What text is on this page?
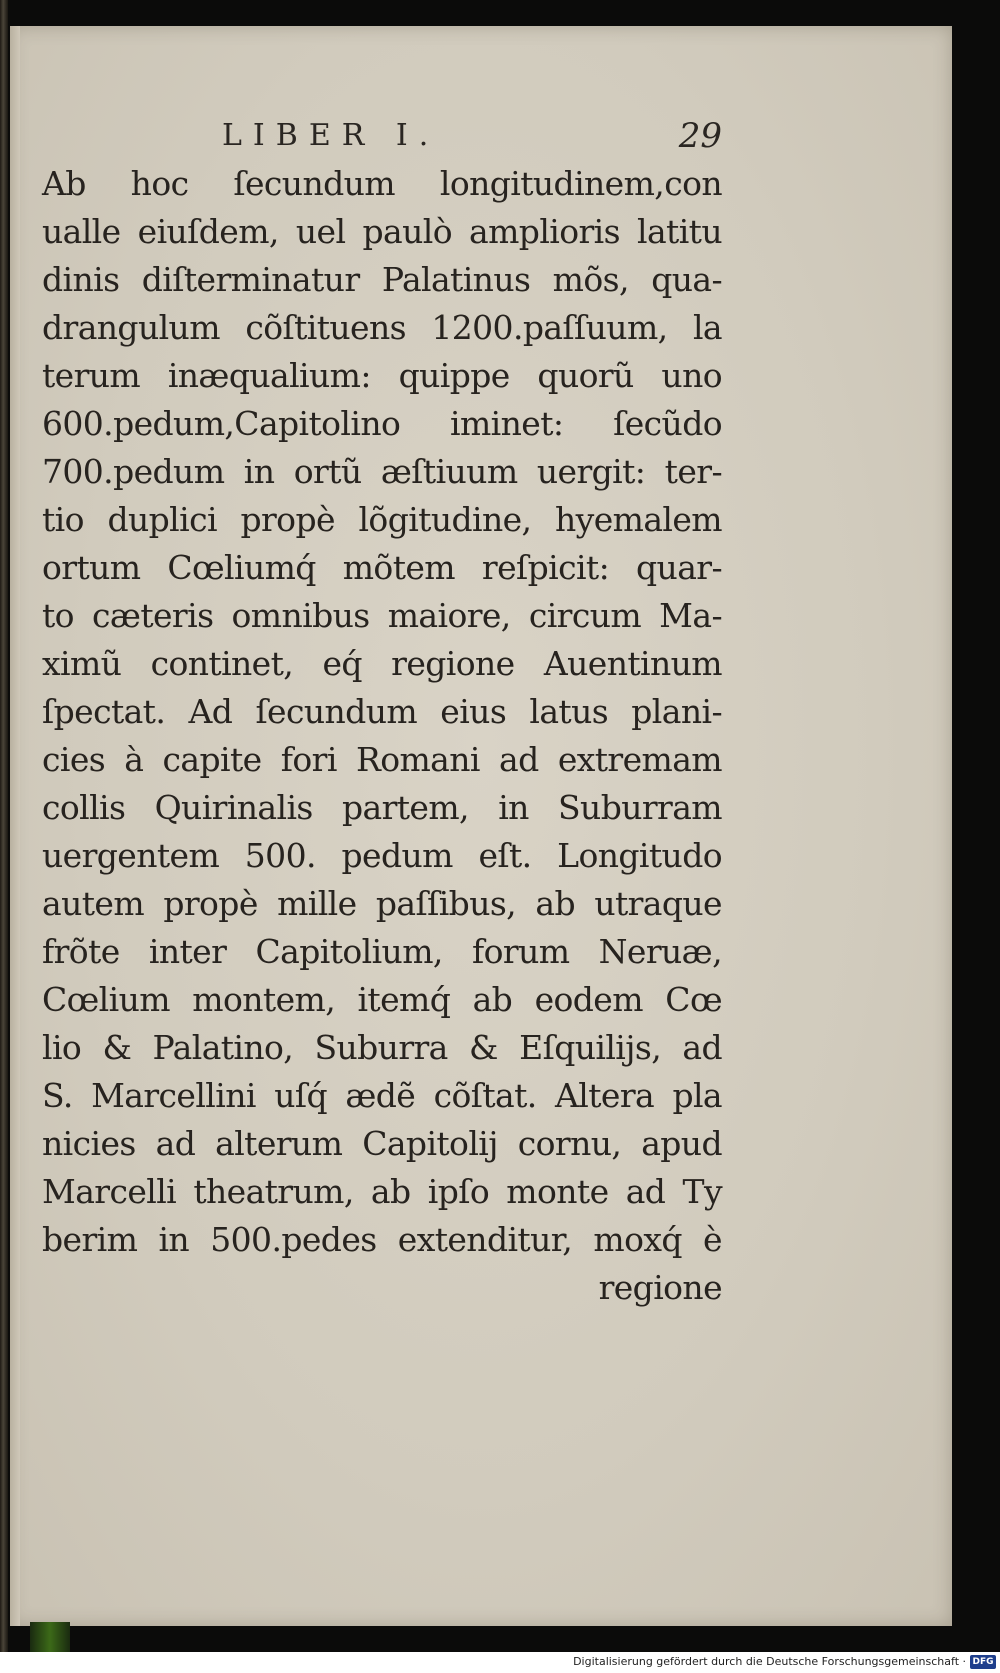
LIBER I.	29
Ab hoc ſecundum longitudinem,con
ualle eiuſdem, uel paulò amplioris latitu
dinis diſterminatur Palatinus mõs, qua-
drangulum cõſtituens 1200.paſſuum, la
terum inæqualium: quippe quorũ uno
600.pedum,Capitolino iminet: ſecũdo
700.pedum in ortũ æſtiuum uergit: ter-
tio duplici propè lõgitudine, hyemalem
ortum Cœliumq́ mõtem reſpicit: quar-
to cæteris omnibus maiore, circum Ma-
ximũ continet, eq́ regione Auentinum
ſpectat. Ad ſecundum eius latus plani-
cies à capite fori Romani ad extremam
collis Quirinalis partem, in Suburram
uergentem 500. pedum eſt. Longitudo
autem propè mille paſſibus, ab utraque
frõte inter Capitolium, forum Neruæ,
Cœlium montem, itemq́ ab eodem Cœ
lio & Palatino, Suburra & Eſquilijs, ad
S. Marcellini uſq́ ædẽ cõſtat. Altera pla
nicies ad alterum Capitolij cornu, apud
Marcelli theatrum, ab ipſo monte ad Ty
berim in 500.pedes extenditur, moxq́ è
regione
Digitalisierung gefördert durch die Deutsche Forschungsgemeinschaft · DFG
